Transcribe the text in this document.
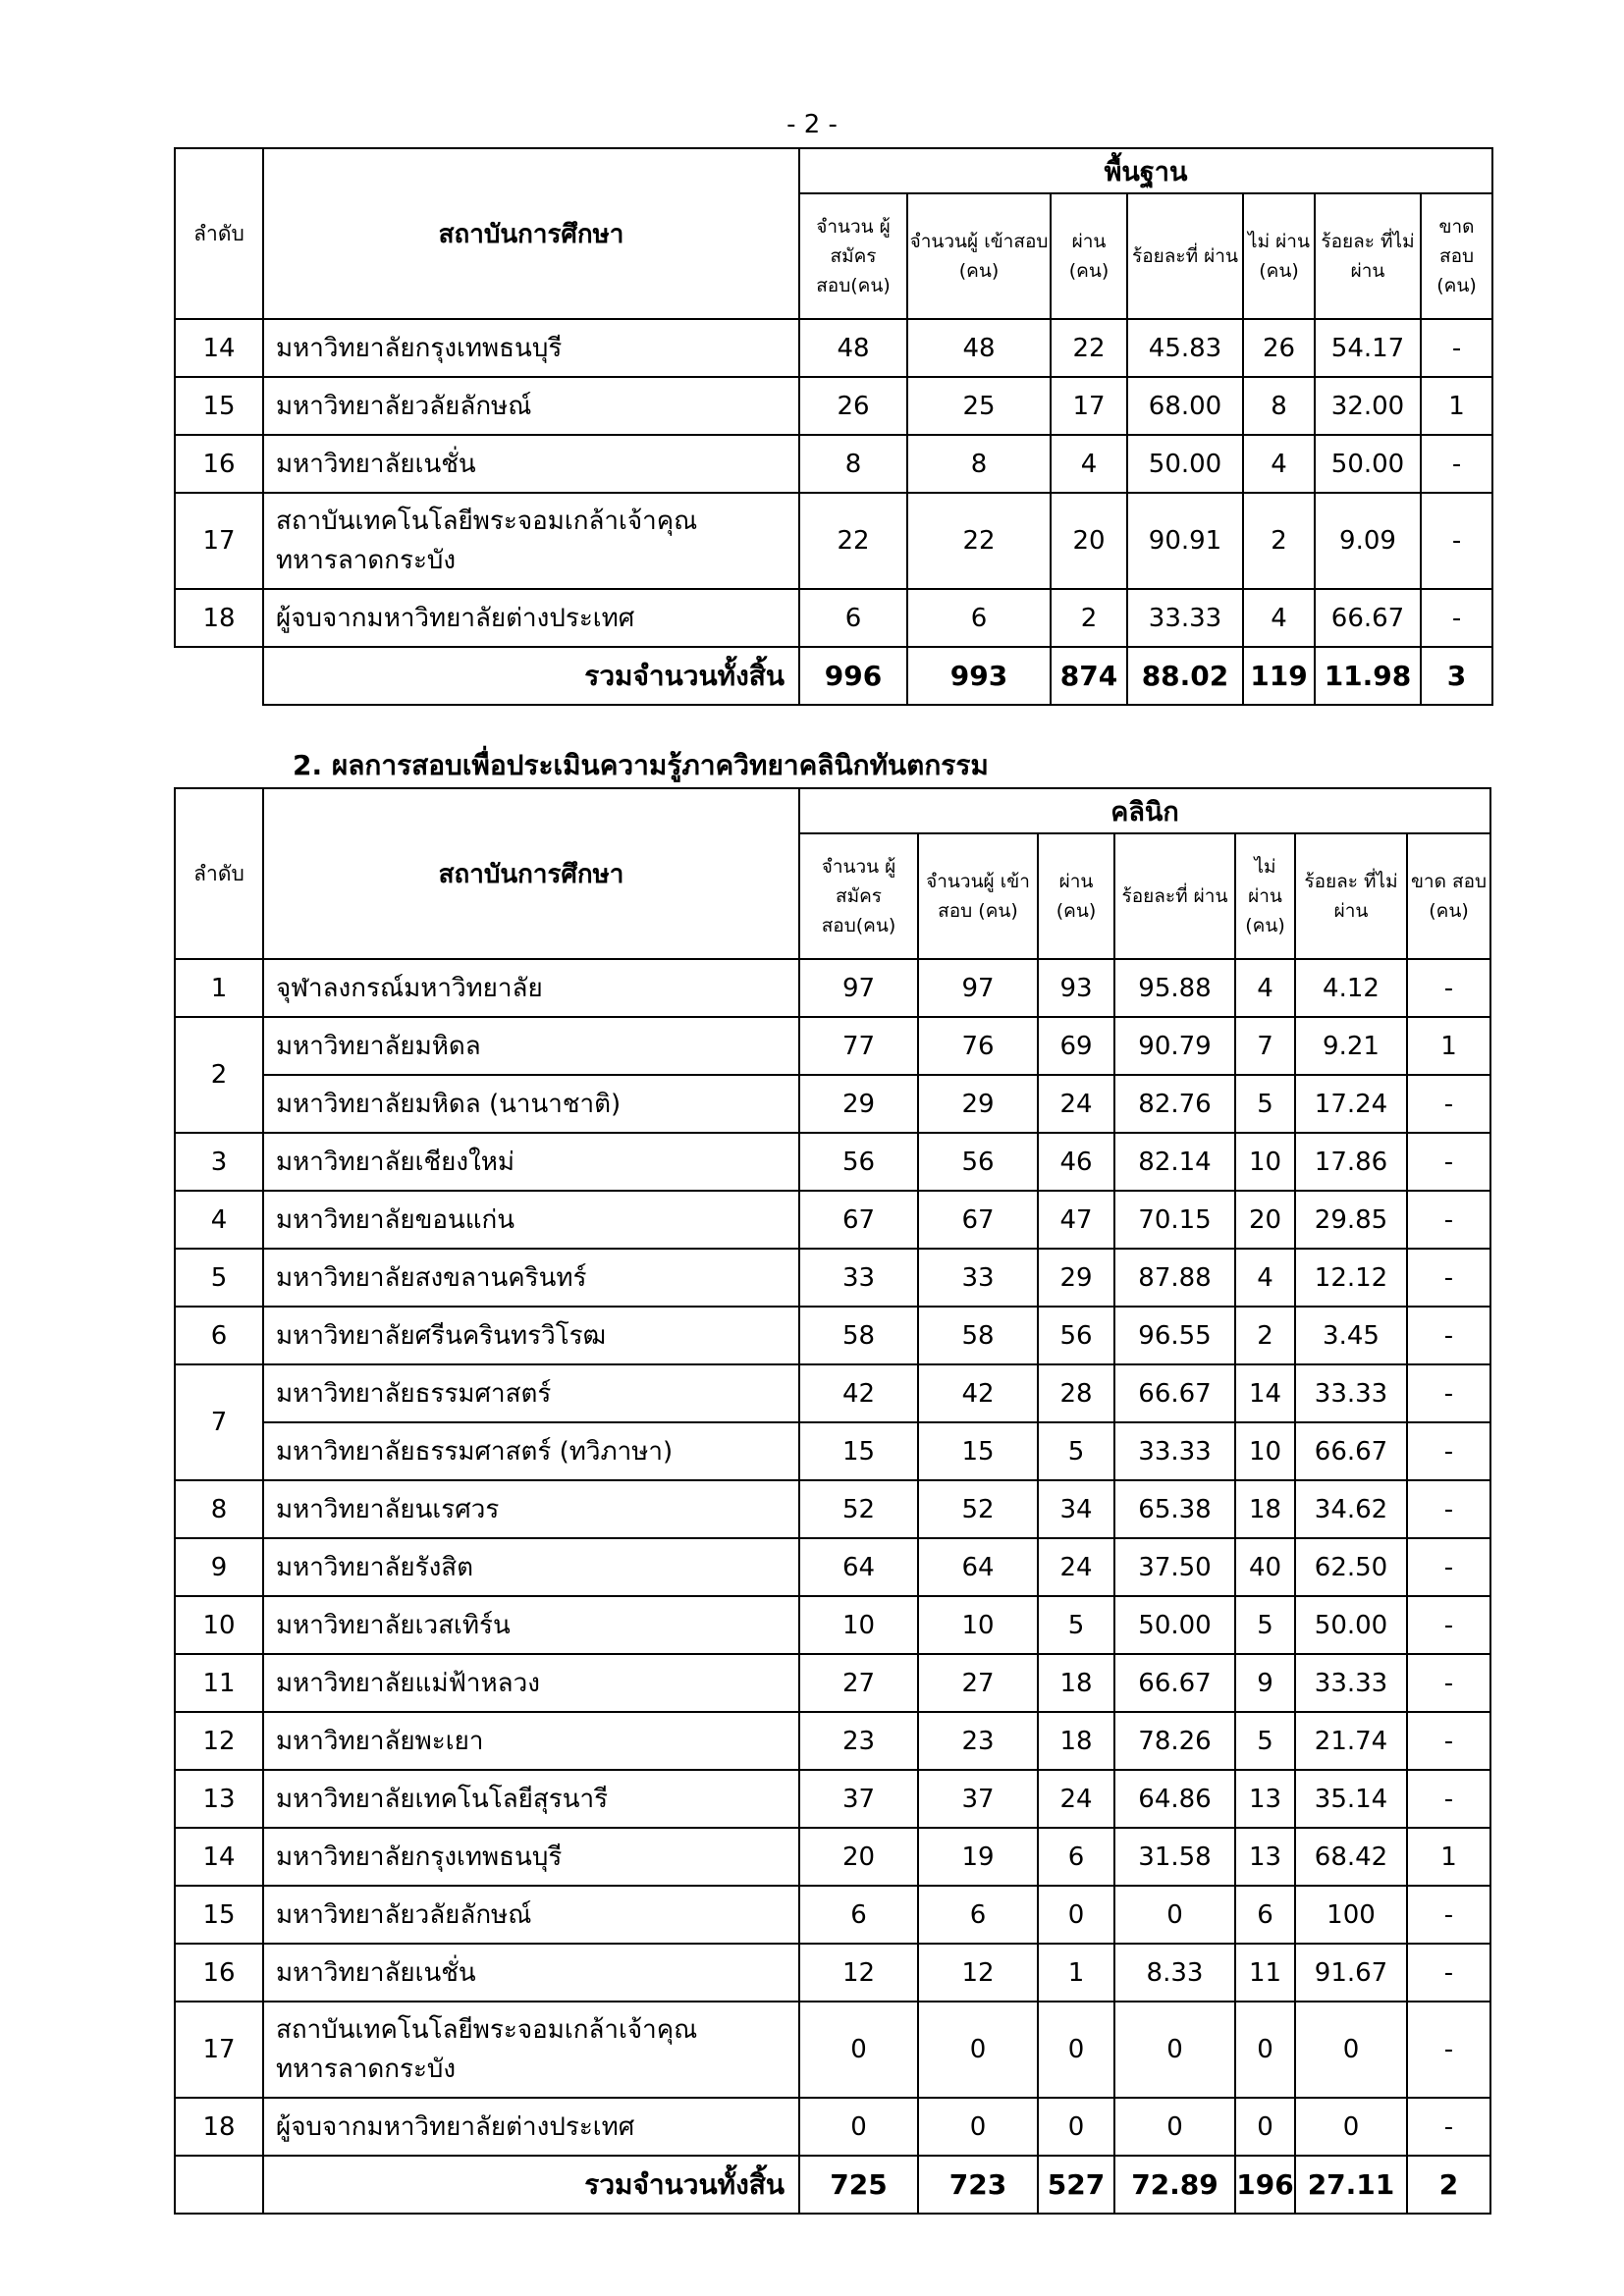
- 2 -
ลำดับ	สถาบันการศึกษา	พื้นฐาน						
		จำนวน ผู้สมัคร สอบ(คน)	จำนวนผู้ เข้าสอบ (คน)	ผ่าน (คน)	ร้อยละที่ ผ่าน	ไม่ ผ่าน (คน)	ร้อยละ ที่ไม่ ผ่าน	ขาด สอบ (คน)
14	มหาวิทยาลัยกรุงเทพธนบุรี	48	48	22	45.83	26	54.17	-
15	มหาวิทยาลัยวลัยลักษณ์	26	25	17	68.00	8	32.00	1
16	มหาวิทยาลัยเนชั่น	8	8	4	50.00	4	50.00	-
17	สถาบันเทคโนโลยีพระจอมเกล้าเจ้าคุณทหารลาดกระบัง	22	22	20	90.91	2	9.09	-
18	ผู้จบจากมหาวิทยาลัยต่างประเทศ	6	6	2	33.33	4	66.67	-
	รวมจำนวนทั้งสิ้น	996	993	874	88.02	119	11.98	3
2. ผลการสอบเพื่อประเมินความรู้ภาควิทยาคลินิกทันตกรรม
ลำดับ	สถาบันการศึกษา	คลินิก						
		จำนวน ผู้สมัคร สอบ(คน)	จำนวนผู้ เข้าสอบ (คน)	ผ่าน (คน)	ร้อยละที่ ผ่าน	ไม่ ผ่าน (คน)	ร้อยละ ที่ไม่ ผ่าน	ขาด สอบ (คน)
1	จุฬาลงกรณ์มหาวิทยาลัย	97	97	93	95.88	4	4.12	-
2	มหาวิทยาลัยมหิดล	77	76	69	90.79	7	9.21	1
	มหาวิทยาลัยมหิดล (นานาชาติ)	29	29	24	82.76	5	17.24	-
3	มหาวิทยาลัยเชียงใหม่	56	56	46	82.14	10	17.86	-
4	มหาวิทยาลัยขอนแก่น	67	67	47	70.15	20	29.85	-
5	มหาวิทยาลัยสงขลานครินทร์	33	33	29	87.88	4	12.12	-
6	มหาวิทยาลัยศรีนครินทรวิโรฒ	58	58	56	96.55	2	3.45	-
7	มหาวิทยาลัยธรรมศาสตร์	42	42	28	66.67	14	33.33	-
	มหาวิทยาลัยธรรมศาสตร์ (ทวิภาษา)	15	15	5	33.33	10	66.67	-
8	มหาวิทยาลัยนเรศวร	52	52	34	65.38	18	34.62	-
9	มหาวิทยาลัยรังสิต	64	64	24	37.50	40	62.50	-
10	มหาวิทยาลัยเวสเทิร์น	10	10	5	50.00	5	50.00	-
11	มหาวิทยาลัยแม่ฟ้าหลวง	27	27	18	66.67	9	33.33	-
12	มหาวิทยาลัยพะเยา	23	23	18	78.26	5	21.74	-
13	มหาวิทยาลัยเทคโนโลยีสุรนารี	37	37	24	64.86	13	35.14	-
14	มหาวิทยาลัยกรุงเทพธนบุรี	20	19	6	31.58	13	68.42	1
15	มหาวิทยาลัยวลัยลักษณ์	6	6	0	0	6	100	-
16	มหาวิทยาลัยเนชั่น	12	12	1	8.33	11	91.67	-
17	สถาบันเทคโนโลยีพระจอมเกล้าเจ้าคุณทหารลาดกระบัง	0	0	0	0	0	0	-
18	ผู้จบจากมหาวิทยาลัยต่างประเทศ	0	0	0	0	0	0	-
	รวมจำนวนทั้งสิ้น	725	723	527	72.89	196	27.11	2
